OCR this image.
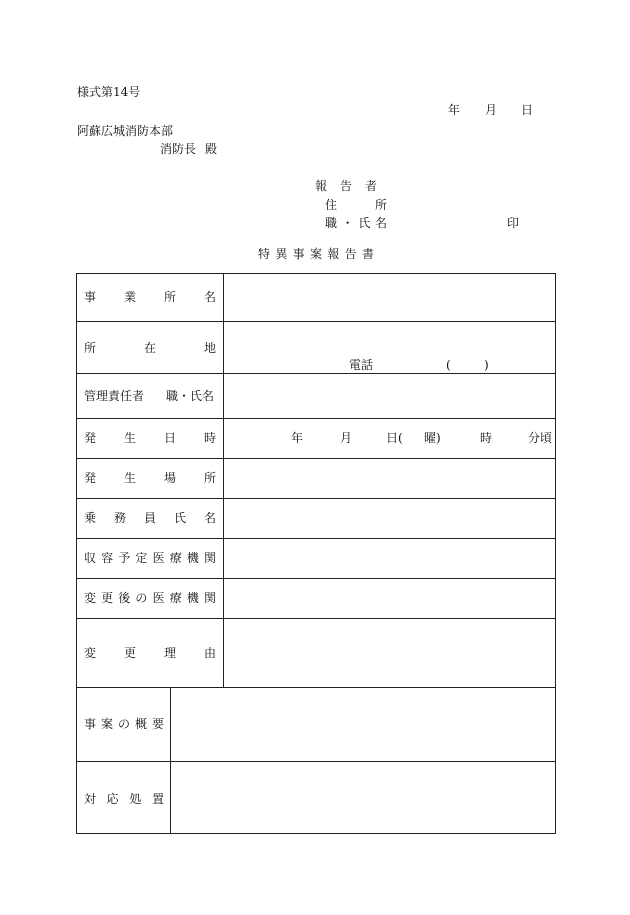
様式第14号
年 月 日
阿蘇広城消防本部
消防長 殿
報 告 者
住	所
職 ・ 氏 名	印
特 異 事 案 報 告 書
事 業 所 名
所	在	地
電話	(	)
管理責任者 職・氏名
発 生 日 時	年	月	日( 曜)	時	分頃
発 生 場 所
乗 務 員 氏 名
収 容 予 定 医 療 機 関
変 更 後 の 医 療 機 関
変 更 理 由
事 案 の 概 要
対 応 処 置
